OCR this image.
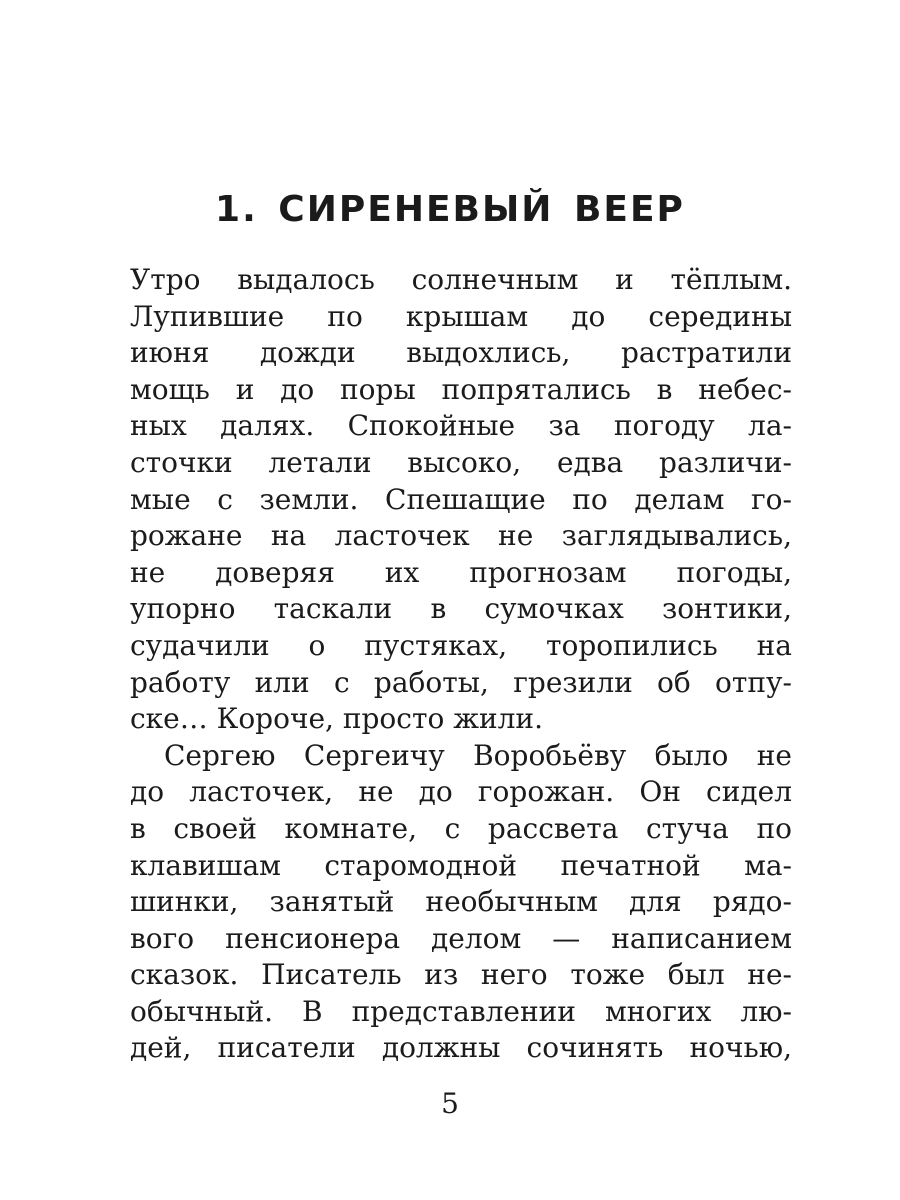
1. СИРЕНЕВЫЙ ВЕЕР
Утро выдалось солнечным и тёплым.
Лупившие по крышам до середины
июня дожди выдохлись, растратили
мощь и до поры попрятались в небес-
ных далях. Спокойные за погоду ла-
сточки летали высоко, едва различи-
мые с земли. Спешащие по делам го-
рожане на ласточек не заглядывались,
не доверяя их прогнозам погоды,
упорно таскали в сумочках зонтики,
судачили о пустяках, торопились на
работу или с работы, грезили об отпу-
ске… Короче, просто жили.
Сергею Сергеичу Воробьёву было не
до ласточек, не до горожан. Он сидел
в своей комнате, с рассвета стуча по
клавишам старомодной печатной ма-
шинки, занятый необычным для рядо-
вого пенсионера делом — написанием
сказок. Писатель из него тоже был не-
обычный. В представлении многих лю-
дей, писатели должны сочинять ночью,
5
